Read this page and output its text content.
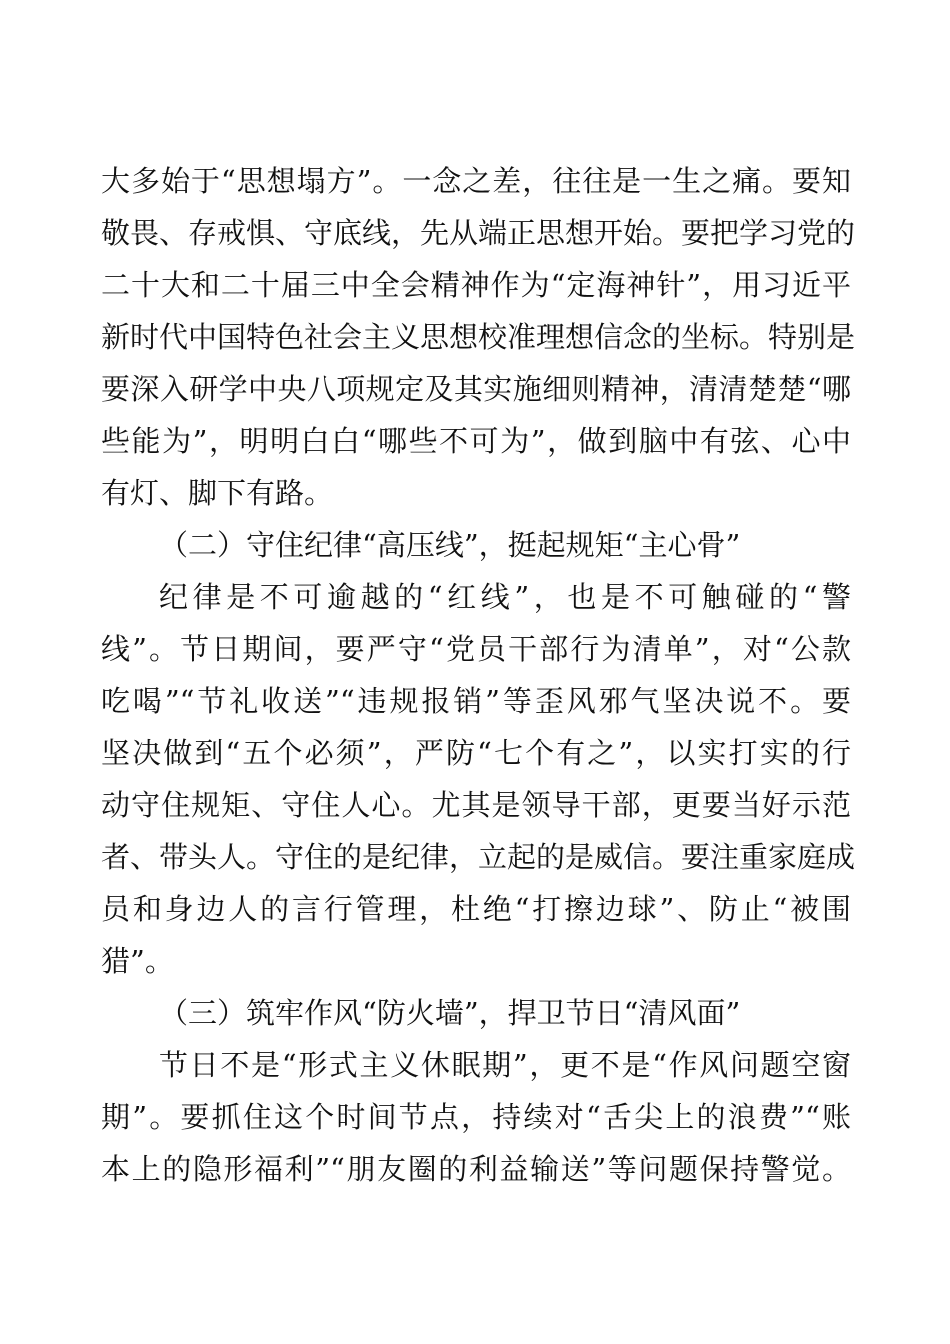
大多始于“思想塌方”。一念之差，往往是一生之痛。要知
敬畏、存戒惧、守底线，先从端正思想开始。要把学习党的
二十大和二十届三中全会精神作为“定海神针”，用习近平
新时代中国特色社会主义思想校准理想信念的坐标。特别是
要深入研学中央八项规定及其实施细则精神，清清楚楚“哪
些能为”，明明白白“哪些不可为”，做到脑中有弦、心中
有灯、脚下有路。
（二）守住纪律“高压线”，挺起规矩“主心骨”
纪律是不可逾越的“红线”，也是不可触碰的“警
线”。节日期间，要严守“党员干部行为清单”，对“公款
吃喝”“节礼收送”“违规报销”等歪风邪气坚决说不。要
坚决做到“五个必须”，严防“七个有之”，以实打实的行
动守住规矩、守住人心。尤其是领导干部，更要当好示范
者、带头人。守住的是纪律，立起的是威信。要注重家庭成
员和身边人的言行管理，杜绝“打擦边球”、防止“被围
猎”。
（三）筑牢作风“防火墙”，捍卫节日“清风面”
节日不是“形式主义休眠期”，更不是“作风问题空窗
期”。要抓住这个时间节点，持续对“舌尖上的浪费”“账
本上的隐形福利”“朋友圈的利益输送”等问题保持警觉。
